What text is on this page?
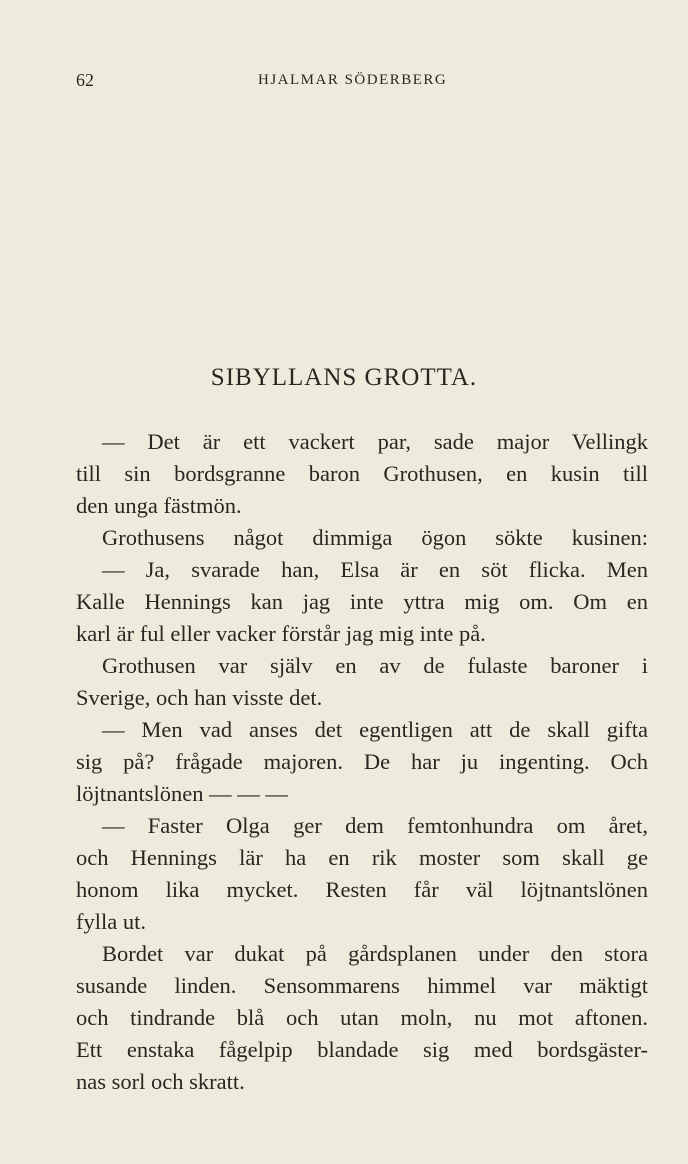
62	HJALMAR SÖDERBERG
SIBYLLANS GROTTA.
— Det är ett vackert par, sade major Vellingk
till sin bordsgranne baron Grothusen, en kusin till
den unga fästmön.
Grothusens något dimmiga ögon sökte kusinen:
— Ja, svarade han, Elsa är en söt flicka. Men
Kalle Hennings kan jag inte yttra mig om. Om en
karl är ful eller vacker förstår jag mig inte på.
Grothusen var själv en av de fulaste baroner i
Sverige, och han visste det.
— Men vad anses det egentligen att de skall gifta
sig på? frågade majoren. De har ju ingenting. Och
löjtnantslönen — — —
— Faster Olga ger dem femtonhundra om året,
och Hennings lär ha en rik moster som skall ge
honom lika mycket. Resten får väl löjtnantslönen
fylla ut.
Bordet var dukat på gårdsplanen under den stora
susande linden. Sensommarens himmel var mäktigt
och tindrande blå och utan moln, nu mot aftonen.
Ett enstaka fågelpip blandade sig med bordsgäster-
nas sorl och skratt.
